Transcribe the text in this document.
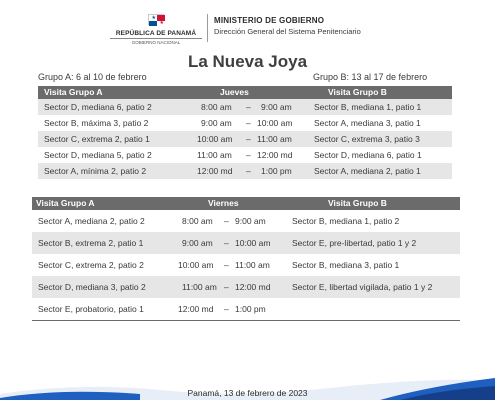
★
★
REPÚBLICA DE PANAMÁ
GOBIERNO NACIONAL
MINISTERIO DE GOBIERNO
Dirección General del Sistema Penitenciario
La Nueva Joya
Grupo A: 6 al 10 de febrero	Grupo B: 13 al 17 de febrero
Visita Grupo A	Jueves	Visita Grupo B
Sector D, mediana 6, patio 2	8:00 am – 9:00 am	Sector B, mediana 1, patio 1
Sector B, máxima 3, patio 2	9:00 am – 10:00 am	Sector A, mediana 3, patio 1
Sector C, extrema 2, patio 1	10:00 am – 11:00 am	Sector C, extrema 3, patio 3
Sector D, mediana 5, patio 2	11:00 am – 12:00 md	Sector D, mediana 6, patio 1
Sector A, mínima 2, patio 2	12:00 md – 1:00 pm	Sector A, mediana 2, patio 1
Visita Grupo A	Viernes	Visita Grupo B
Sector A, mediana 2, patio 2	8:00 am – 9:00 am	Sector B, mediana 1, patio 2
Sector B, extrema 2, patio 1	9:00 am – 10:00 am	Sector E, pre-libertad, patio 1 y 2
Sector C, extrema 2, patio 2	10:00 am – 11:00 am	Sector B, mediana 3, patio 1
Sector D, mediana 3, patio 2	11:00 am – 12:00 md	Sector E, libertad vigilada, patio 1 y 2
Sector E, probatorio, patio 1	12:00 md – 1:00 pm
Panamá, 13 de febrero de 2023
